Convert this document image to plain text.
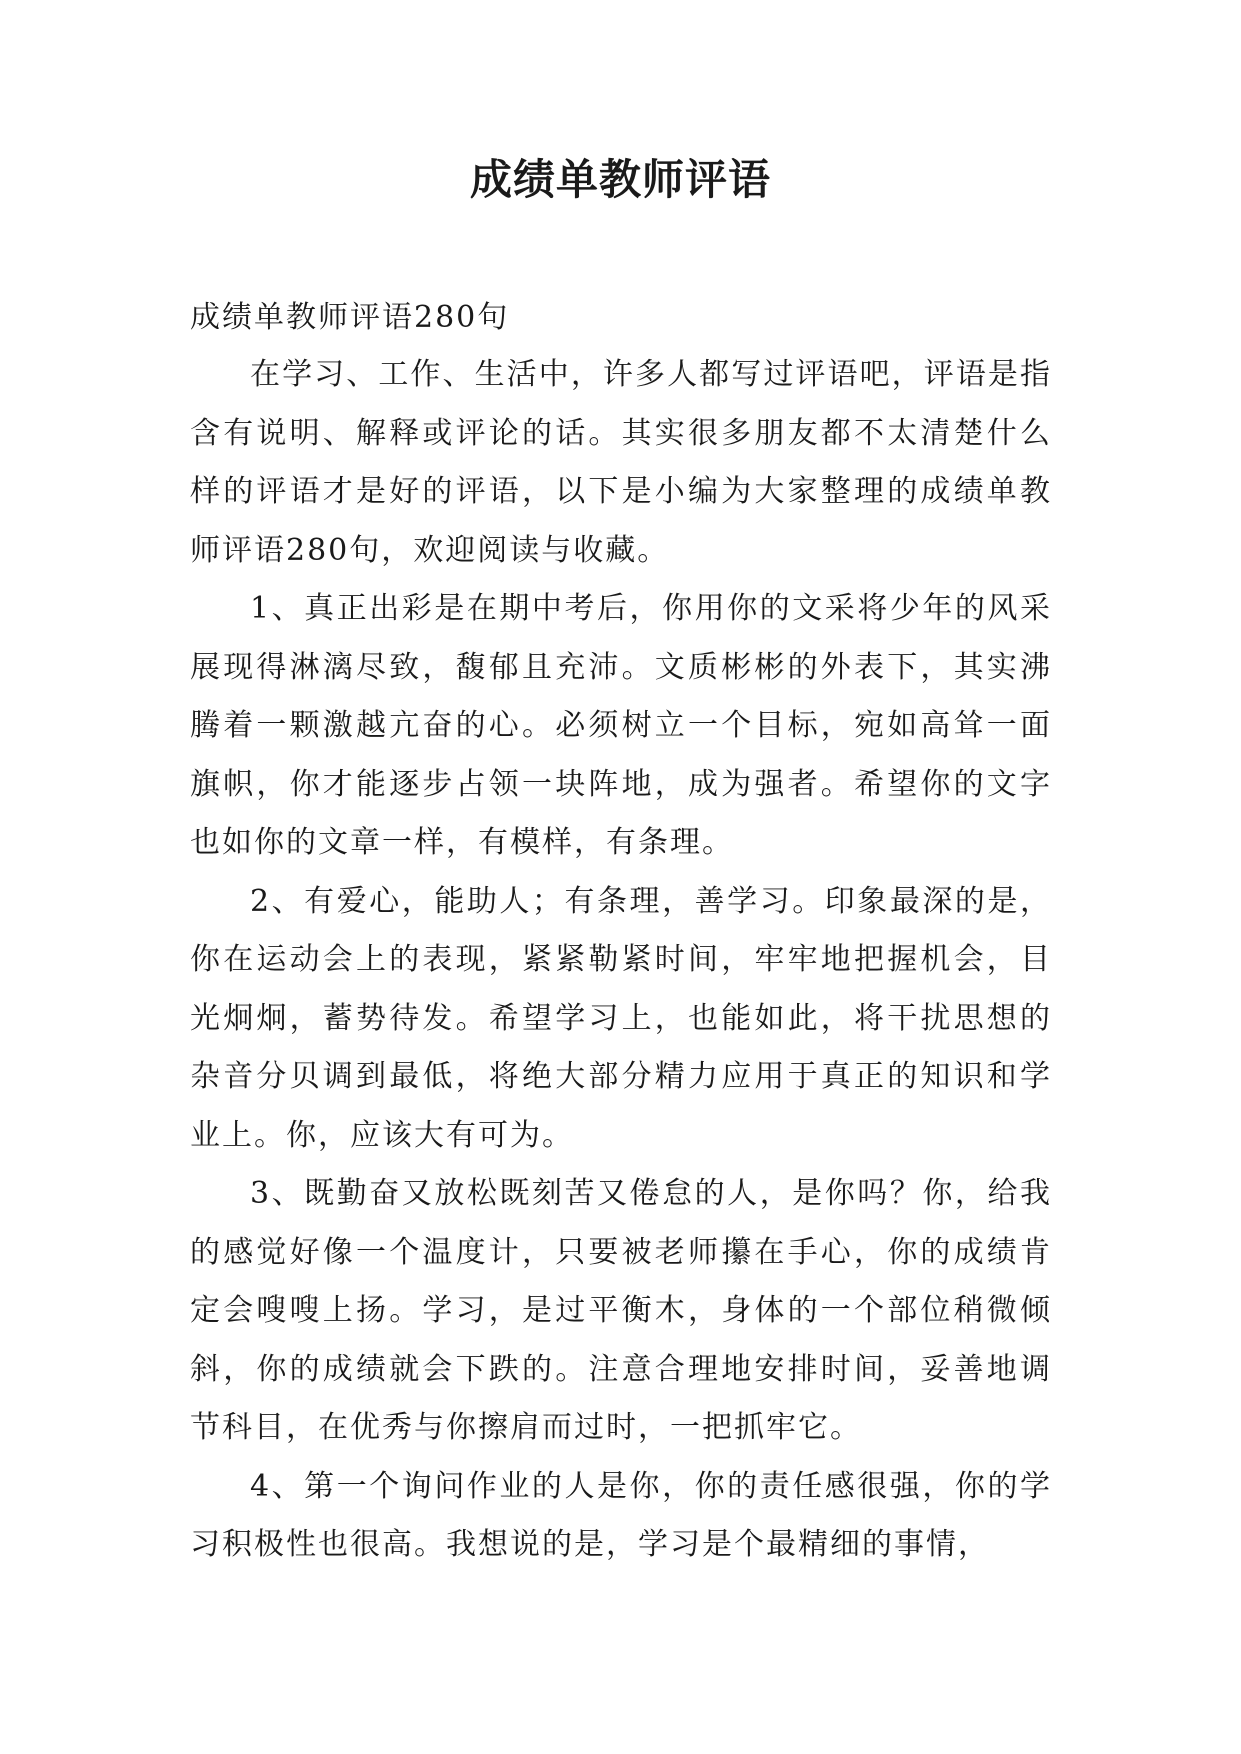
成绩单教师评语

成绩单教师评语280句

在学习、工作、生活中，许多人都写过评语吧，评语是指含有说明、解释或评论的话。其实很多朋友都不太清楚什么样的评语才是好的评语，以下是小编为大家整理的成绩单教师评语280句，欢迎阅读与收藏。

1、真正出彩是在期中考后，你用你的文采将少年的风采展现得淋漓尽致，馥郁且充沛。文质彬彬的外表下，其实沸腾着一颗激越亢奋的心。必须树立一个目标，宛如高耸一面旗帜，你才能逐步占领一块阵地，成为强者。希望你的文字也如你的文章一样，有模样，有条理。

2、有爱心，能助人；有条理，善学习。印象最深的是，你在运动会上的表现，紧紧勒紧时间，牢牢地把握机会，目光炯炯，蓄势待发。希望学习上，也能如此，将干扰思想的杂音分贝调到最低，将绝大部分精力应用于真正的知识和学业上。你，应该大有可为。

3、既勤奋又放松既刻苦又倦怠的人，是你吗？你，给我的感觉好像一个温度计，只要被老师攥在手心，你的成绩肯定会嗖嗖上扬。学习，是过平衡木，身体的一个部位稍微倾斜，你的成绩就会下跌的。注意合理地安排时间，妥善地调节科目，在优秀与你擦肩而过时，一把抓牢它。

4、第一个询问作业的人是你，你的责任感很强，你的学习积极性也很高。我想说的是，学习是个最精细的事情，
